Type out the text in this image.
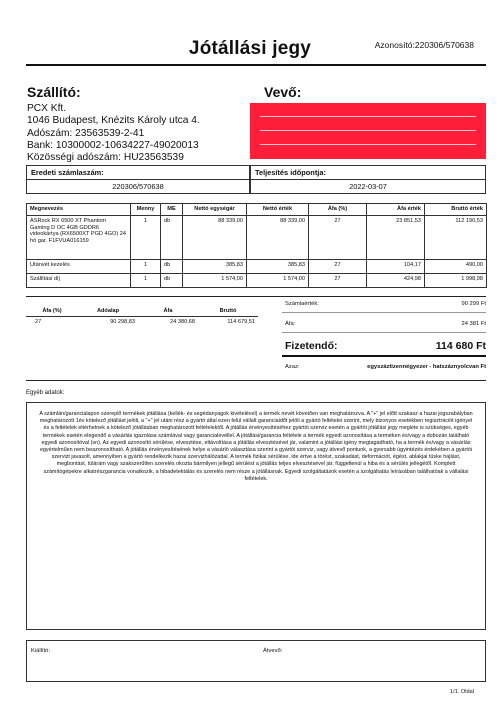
Jótállási jegy	Azonosító:220306/570638
Szállító:
PCX Kft.
1046 Budapest, Knézits Károly utca 4.
Adószám: 23563539-2-41
Bank: 10300002-10634227-49020013
Közösségi adószám: HU23563539
Vevő:
Eredeti számlaszám:
220306/570638
Teljesítés időpontja:
2022-03-07
Megnevezés	Menny	ME	Nettó egységár	Nettó érték	Áfa (%)	Áfa érték	Bruttó érték
ASRock RX 6500 XT Phantom Gaming D OC 4GB GDDR6 videokártya (RX6500XT PGD 4GO) 24 hó gar. F1FVUA016159	1	db	88 339,00	88 339,00	27	23 851,53	112 190,53
Utánvét kezelés	1	db	385,83	385,83	27	104,17	490,00
Szállítási díj	1	db	1 574,00	1 574,00	27	424,98	1 998,98
Áfa (%)	Adóalap	Áfa	Bruttó
27	90 298,83	24 380,68	114 679,51
Számlaérték:	90 299 Ft
Áfa:	24 381 Ft
Fizetendő:	114 680 Ft
Azaz:	egyszáztizennégyezer - hatszáznyolcvan Ft
Egyéb adatok:
A számlán/garancialapon szereplő termékek jótállása (kellék- és segédanyagok kivételével) a termék nevét követően van meghatározva. A "+" jel előtt szakasz a hazai jogszabályban meghatározott 1év kötelező jótállást jelöli, a "+" jel utáni rész a gyártó által ezen felül vállalt garanciaidőt jelöli a gyártó feltételei szerint, mely bizonyos esetekben regisztrációt igényel és a feltételek eltérhetnek a kötelező jótállásban meghatározott feltételektől. A jótállás érvényesítéséhez gyártói szerviz esetén a gyártói jótállási jegy meglete is szükséges, egyéb termékek esetén elegendő a vásárlás igazolása számlával vagy garancialevéllel. A jótállási/garancia feltétele a termék egyedi azonosítása a terméken és/vagy a dobozán található egyedi azonosítóval (sn). Az egyedi azonosító sérülése, elvesztése, eltávolítása a jótállás elvesztésével jár, valamint a jótállási igény megtagadható, ha a termék és/vagy a vásárlás egyértelműen nem beazonosítható. A jótállás érvényesítésének helye a vásárló választása szerint a gyártói szerviz, vagy átvevő pontunk, a gyorsabb ügyintézés érdekében a gyártói szervizt javasolt, amennyiben a gyártó rendelkezik hazai szervizhálózattal. A termék fizikai sérülése, ide értve a törést, szakadást, deformációt, égést, ablakjai tüske hajlást, megbontást, túlárám vagy szakszerűtlen szerelés okozta bármilyen jellegű sérülést a jótállás teljes elvesztésével jár, függetlenül a hiba és a sérülés jellegétől. Komplett számítógépekre alkatrészgarancia vonatkozik, a hibadetektálás és szerelés nem része a jótállásnak. Egyedi szolgáltatások esetén a szolgáltatás leírásában találhatóak a vállalási feltételek.
Kiállító:	Átvevő:
1/1. Oldal
